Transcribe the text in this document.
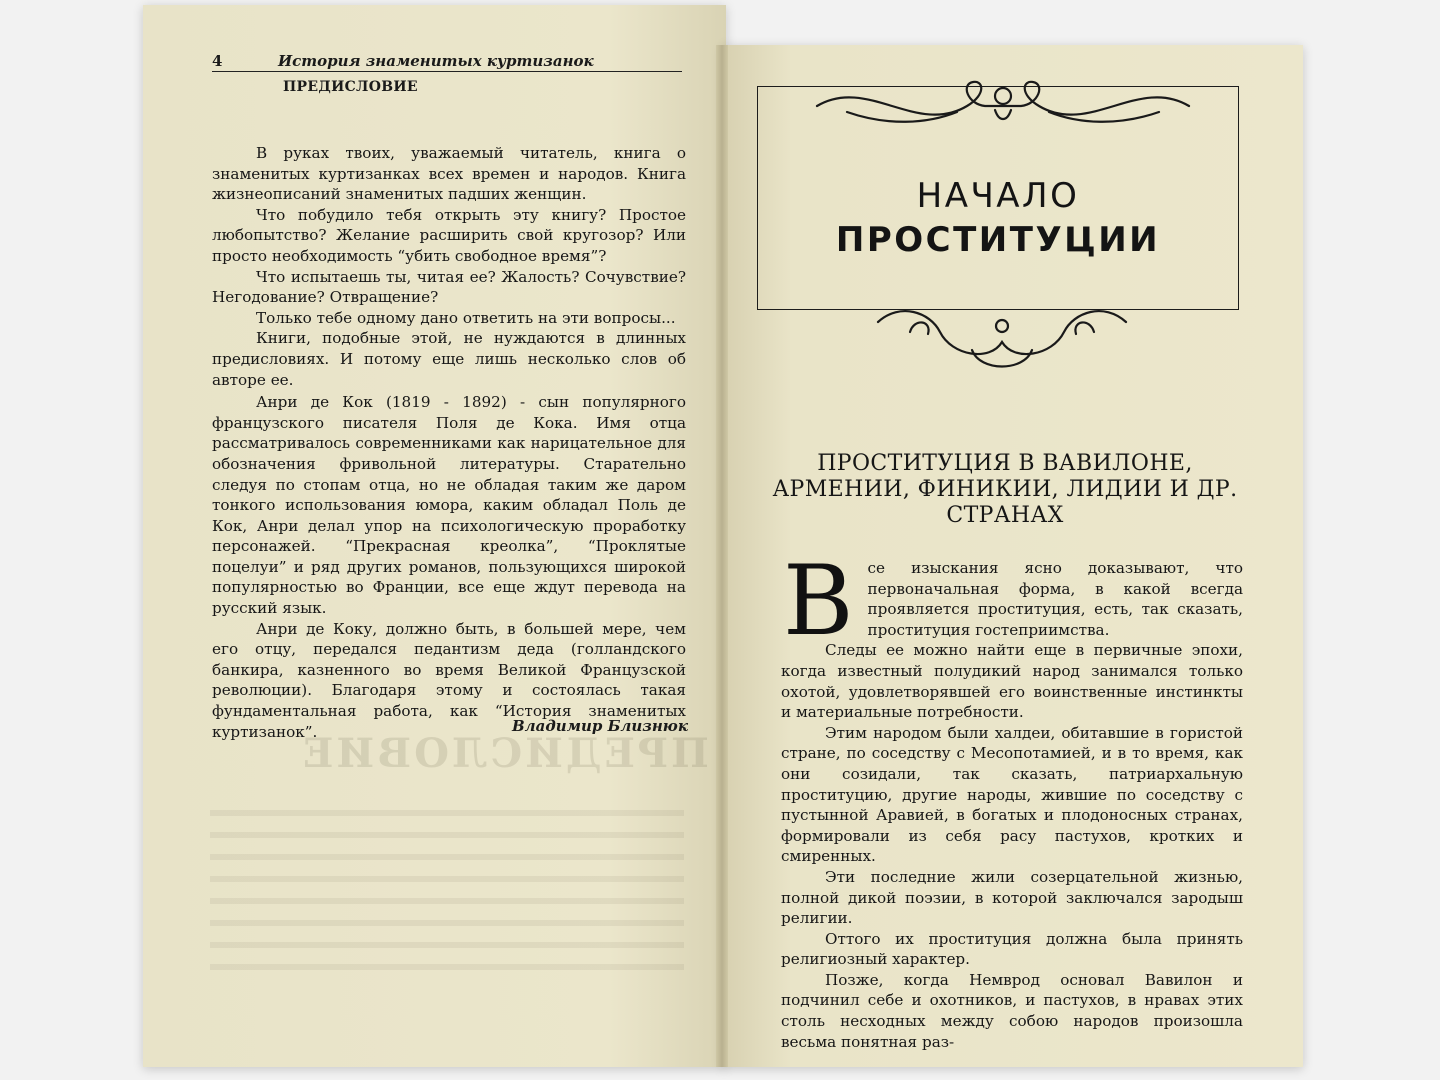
4	История знаменитых куртизанок
ПРЕДИСЛОВИЕ
ПРЕДИСЛОВИЕ

В руках твоих, уважаемый читатель, книга о знаменитых куртизанках всех времен и народов. Книга жизнеописаний знаменитых падших женщин.

Что побудило тебя открыть эту книгу? Простое любопытство? Желание расширить свой кругозор? Или просто необходимость “убить свободное время”?

Что испытаешь ты, читая ее? Жалость? Сочувствие? Негодование? Отвращение?

Только тебе одному дано ответить на эти вопросы...

Книги, подобные этой, не нуждаются в длинных предисловиях. И потому еще лишь несколько слов об авторе ее.

Анри де Кок (1819 - 1892) - сын популярного французского писателя Поля де Кока. Имя отца рассматривалось современниками как нарицательное для обозначения фривольной литературы. Старательно следуя по стопам отца, но не обладая таким же даром тонкого использования юмора, каким обладал Поль де Кок, Анри делал упор на психологическую проработку персонажей. “Прекрасная креолка”, “Проклятые поцелуи” и ряд других романов, пользующихся широкой популярностью во Франции, все еще ждут перевода на русский язык.

Анри де Коку, должно быть, в большей мере, чем его отцу, передался педантизм деда (голландского банкира, казненного во время Великой Французской революции). Благодаря этому и состоялась такая фундаментальная работа, как “История знаменитых куртизанок”.	Владимир Близнюк
НАЧАЛО
ПРОСТИТУЦИИ
ПРОСТИТУЦИЯ В ВАВИЛОНЕ,
АРМЕНИИ, ФИНИКИИ, ЛИДИИ И ДР.
СТРАНАХ
В се изыскания ясно доказывают, что первоначальная форма, в какой всегда проявляется проституция, есть, так сказать, проституция гостеприимства.

Следы ее можно найти еще в первичные эпохи, когда известный полудикий народ занимался только охотой, удовлетворявшей его воинственные инстинкты и материальные потребности.

Этим народом были халдеи, обитавшие в гористой стране, по соседству с Месопотамией, и в то время, как они созидали, так сказать, патриархальную проституцию, другие народы, жившие по соседству с пустынной Аравией, в богатых и плодоносных странах, формировали из себя расу пастухов, кротких и смиренных.

Эти последние жили созерцательной жизнью, полной дикой поэзии, в которой заключался зародыш религии.

Оттого их проституция должна была принять религиозный характер.

Позже, когда Немврод основал Вавилон и подчинил себе и охотников, и пастухов, в нравах этих столь несходных между собою народов произошла весьма понятная раз-
